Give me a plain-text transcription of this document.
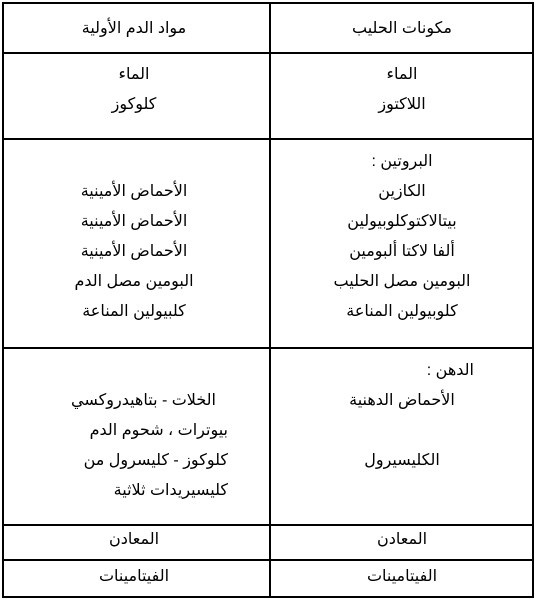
مكونات الحليب
مواد الدم الأولية
الماء
اللاكتوز
الماء
كلوكوز
البروتين :
الكازين
بيتالاكتوكلوبيولين
ألفا لاكتا ألبومين
البومين مصل الحليب
كلوبيولين المناعة
الأحماض الأمينية
الأحماض الأمينية
الأحماض الأمينية
البومين مصل الدم
كلبيولين المناعة
الدهن :
الأحماض الدهنية
الكليسيرول
الخلات - بتاهيدروكسي
بيوترات ، شحوم الدم
كلوكوز - كليسرول من
كليسيريدات ثلاثية
المعادن
المعادن
الفيتامينات
الفيتامينات
